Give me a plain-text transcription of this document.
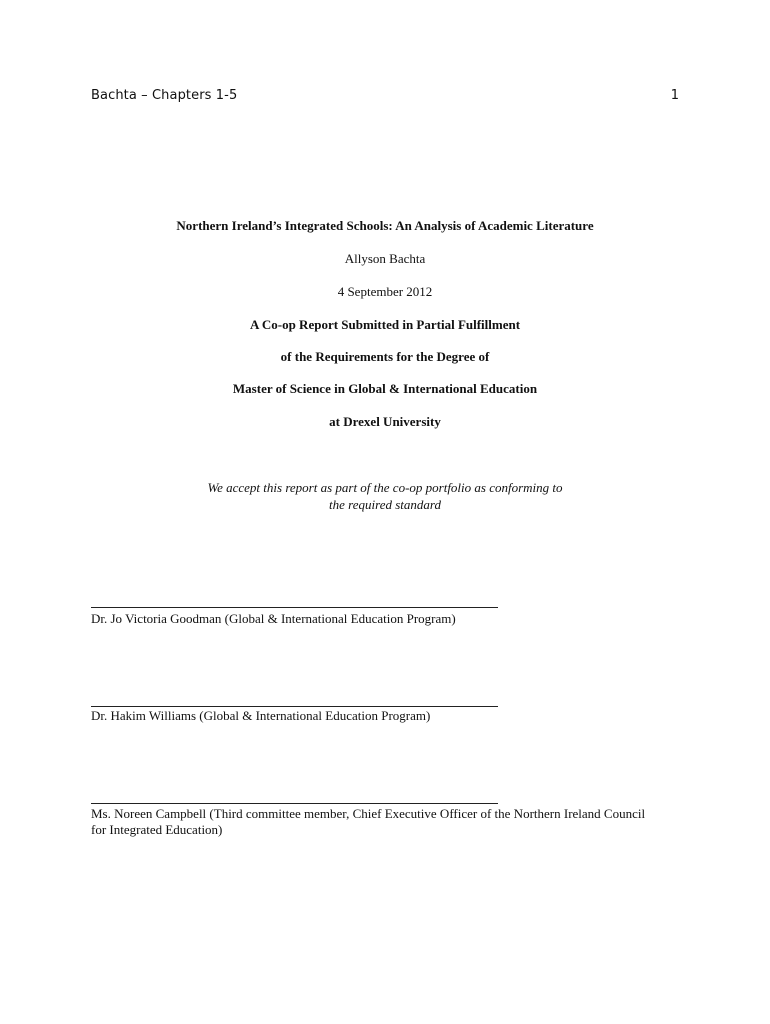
Bachta – Chapters 1-5	1
Northern Ireland’s Integrated Schools: An Analysis of Academic Literature
Allyson Bachta
4 September 2012
A Co-op Report Submitted in Partial Fulfillment
of the Requirements for the Degree of
Master of Science in Global & International Education
at Drexel University
We accept this report as part of the co-op portfolio as conforming to
the required standard
Dr. Jo Victoria Goodman (Global & International Education Program)
Dr. Hakim Williams (Global & International Education Program)
Ms. Noreen Campbell (Third committee member, Chief Executive Officer of the Northern Ireland Council for Integrated Education)
